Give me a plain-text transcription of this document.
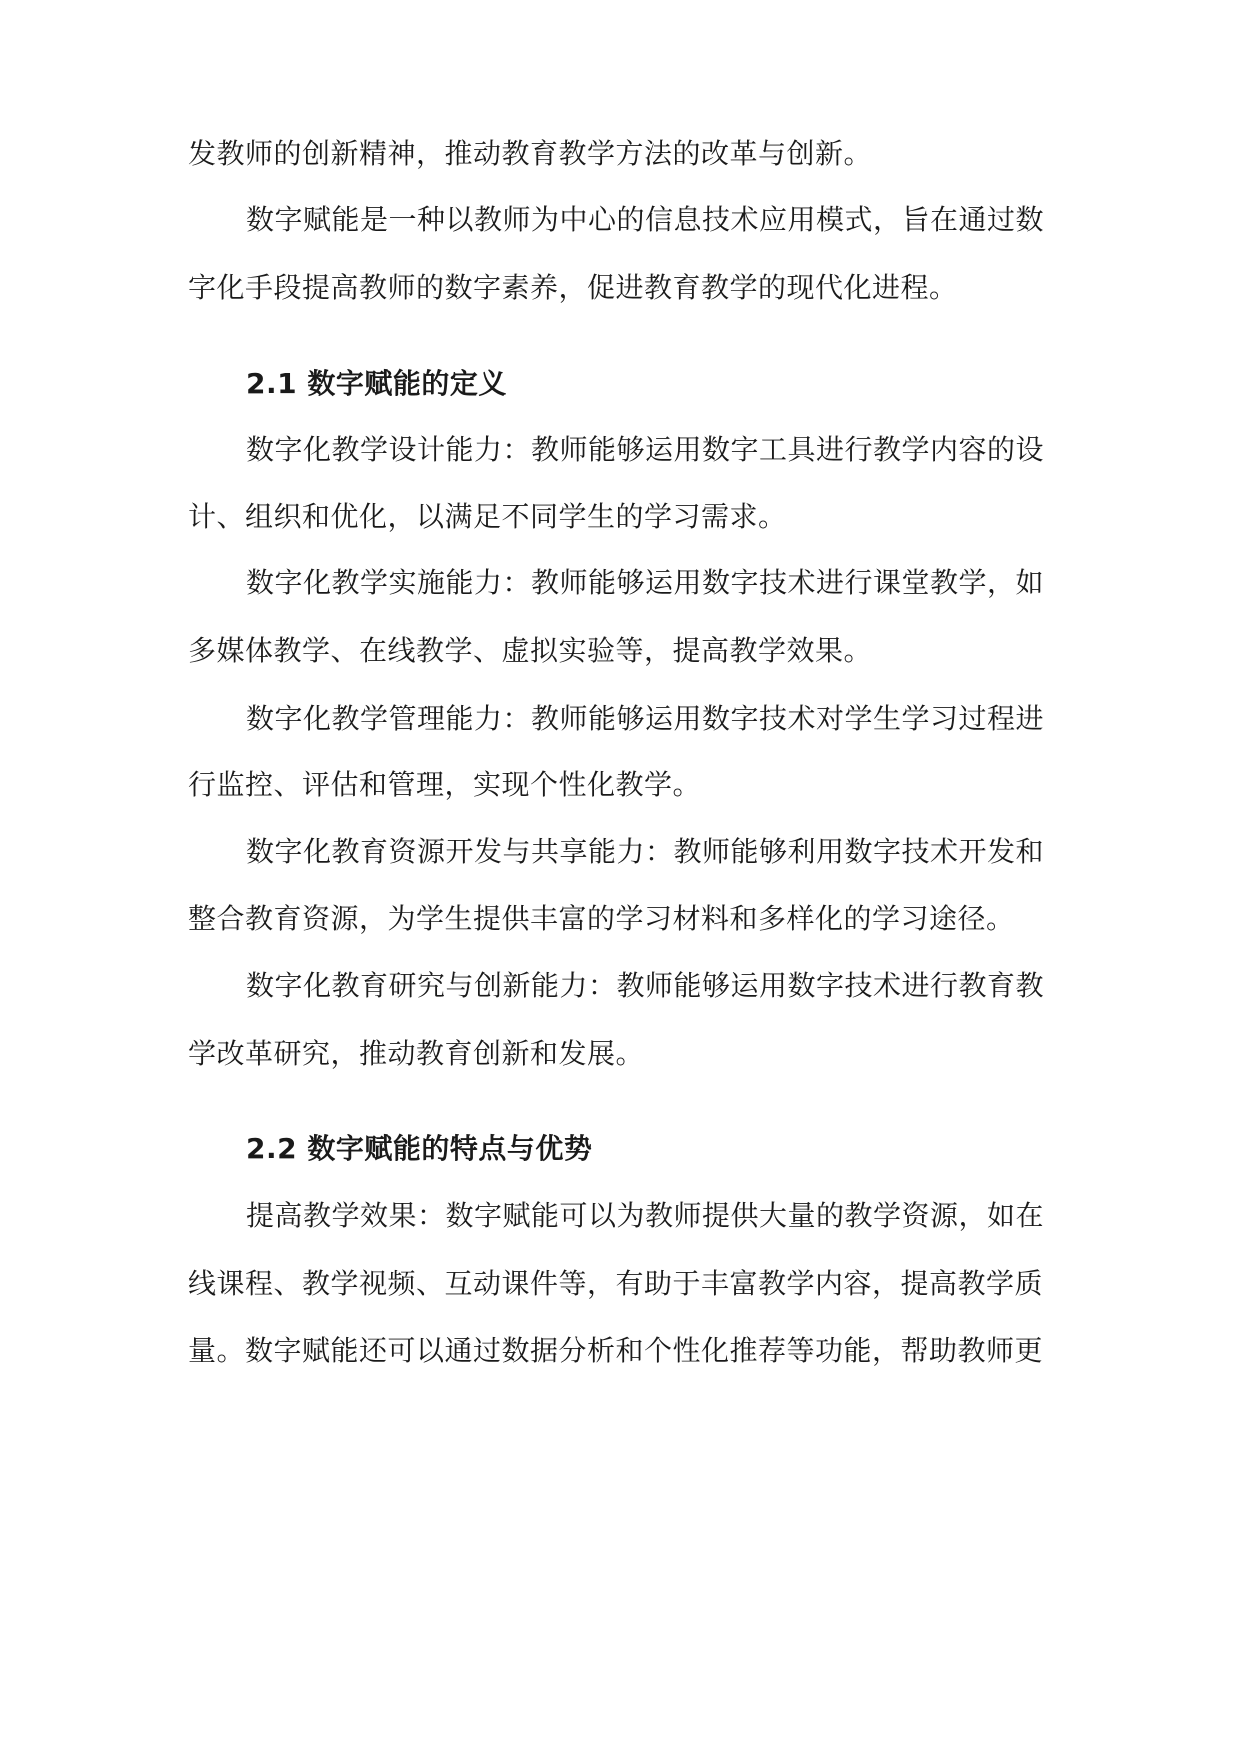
发教师的创新精神，推动教育教学方法的改革与创新。
数字赋能是一种以教师为中心的信息技术应用模式，旨在通过数
字化手段提高教师的数字素养，促进教育教学的现代化进程。
2.1 数字赋能的定义
数字化教学设计能力：教师能够运用数字工具进行教学内容的设
计、组织和优化，以满足不同学生的学习需求。
数字化教学实施能力：教师能够运用数字技术进行课堂教学，如
多媒体教学、在线教学、虚拟实验等，提高教学效果。
数字化教学管理能力：教师能够运用数字技术对学生学习过程进
行监控、评估和管理，实现个性化教学。
数字化教育资源开发与共享能力：教师能够利用数字技术开发和
整合教育资源，为学生提供丰富的学习材料和多样化的学习途径。
数字化教育研究与创新能力：教师能够运用数字技术进行教育教
学改革研究，推动教育创新和发展。
2.2 数字赋能的特点与优势
提高教学效果：数字赋能可以为教师提供大量的教学资源，如在
线课程、教学视频、互动课件等，有助于丰富教学内容，提高教学质
量。数字赋能还可以通过数据分析和个性化推荐等功能，帮助教师更
